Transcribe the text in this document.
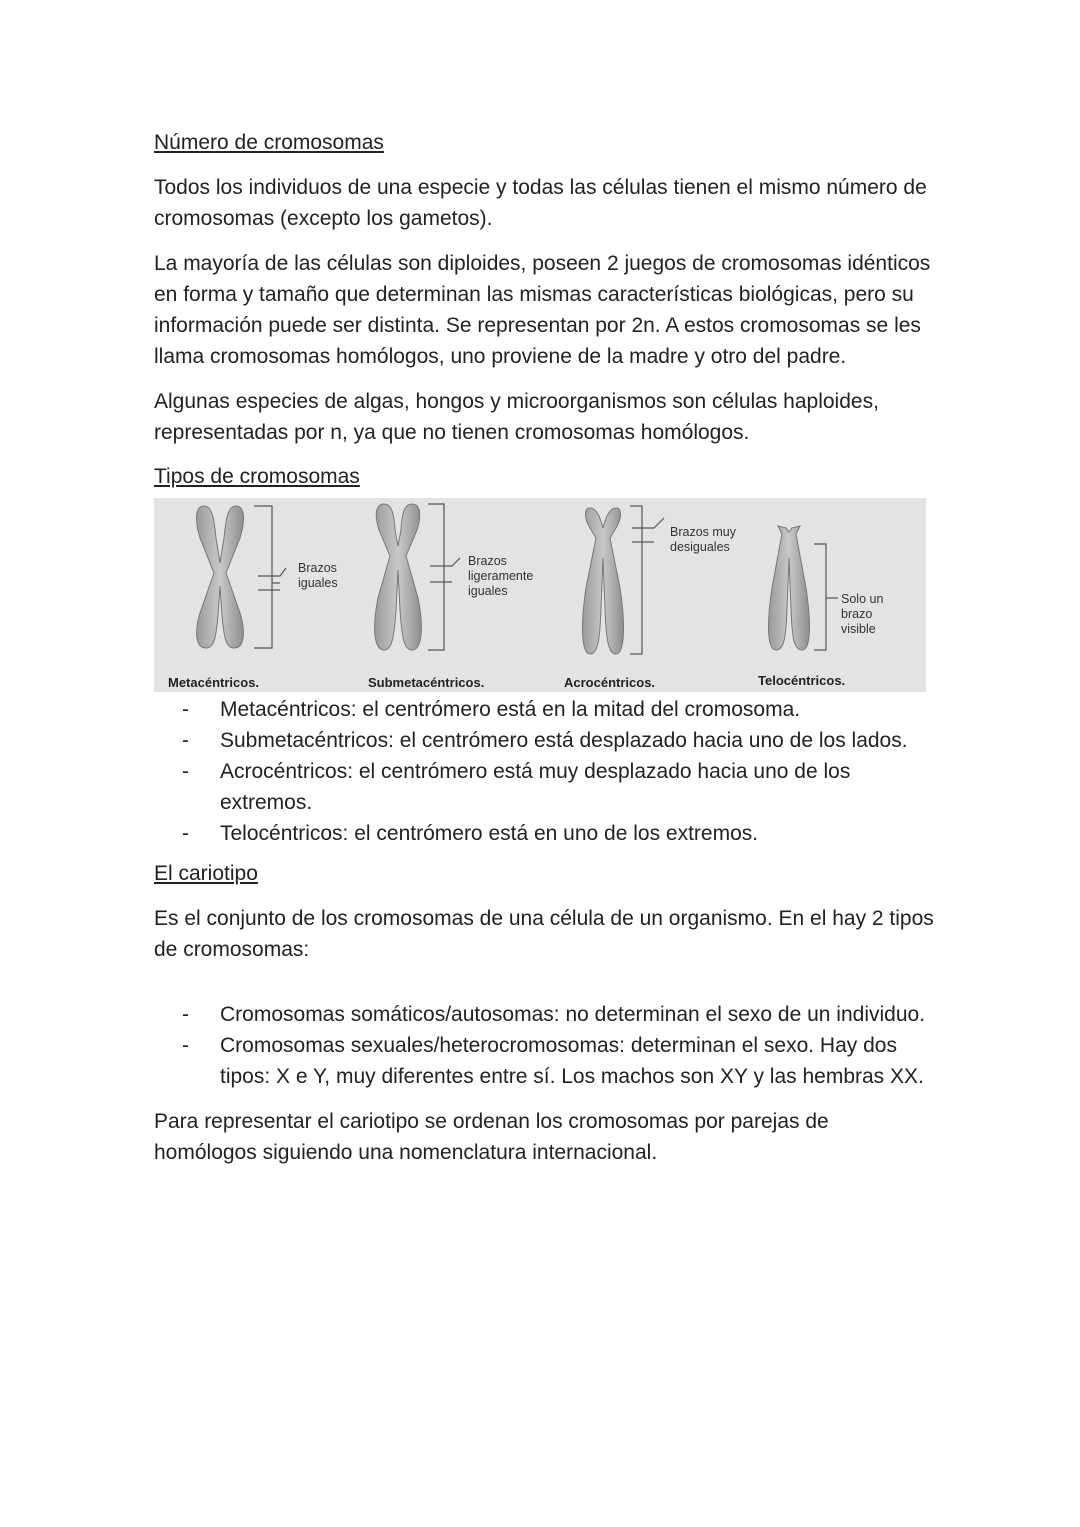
Número de cromosomas

Todos los individuos de una especie y todas las células tienen el mismo número de cromosomas (excepto los gametos).

La mayoría de las células son diploides, poseen 2 juegos de cromosomas idénticos en forma y tamaño que determinan las mismas características biológicas, pero su información puede ser distinta. Se representan por 2n. A estos cromosomas se les llama cromosomas homólogos, uno proviene de la madre y otro del padre.

Algunas especies de algas, hongos y microorganismos son células haploides, representadas por n, ya que no tienen cromosomas homólogos.

Tipos de cromosomas
Brazos iguales
Brazos ligeramente iguales
Brazos muy desiguales
Solo un brazo visible
Metacéntricos.	Submetacéntricos.	Acrocéntricos.	Telocéntricos.
- Metacéntricos: el centrómero está en la mitad del cromosoma.
- Submetacéntricos: el centrómero está desplazado hacia uno de los lados.
- Acrocéntricos: el centrómero está muy desplazado hacia uno de los extremos.
- Telocéntricos: el centrómero está en uno de los extremos.
El cariotipo

Es el conjunto de los cromosomas de una célula de un organismo. En el hay 2 tipos de cromosomas:

- Cromosomas somáticos/autosomas: no determinan el sexo de un individuo.
- Cromosomas sexuales/heterocromosomas: determinan el sexo. Hay dos tipos: X e Y, muy diferentes entre sí. Los machos son XY y las hembras XX.

Para representar el cariotipo se ordenan los cromosomas por parejas de homólogos siguiendo una nomenclatura internacional.
